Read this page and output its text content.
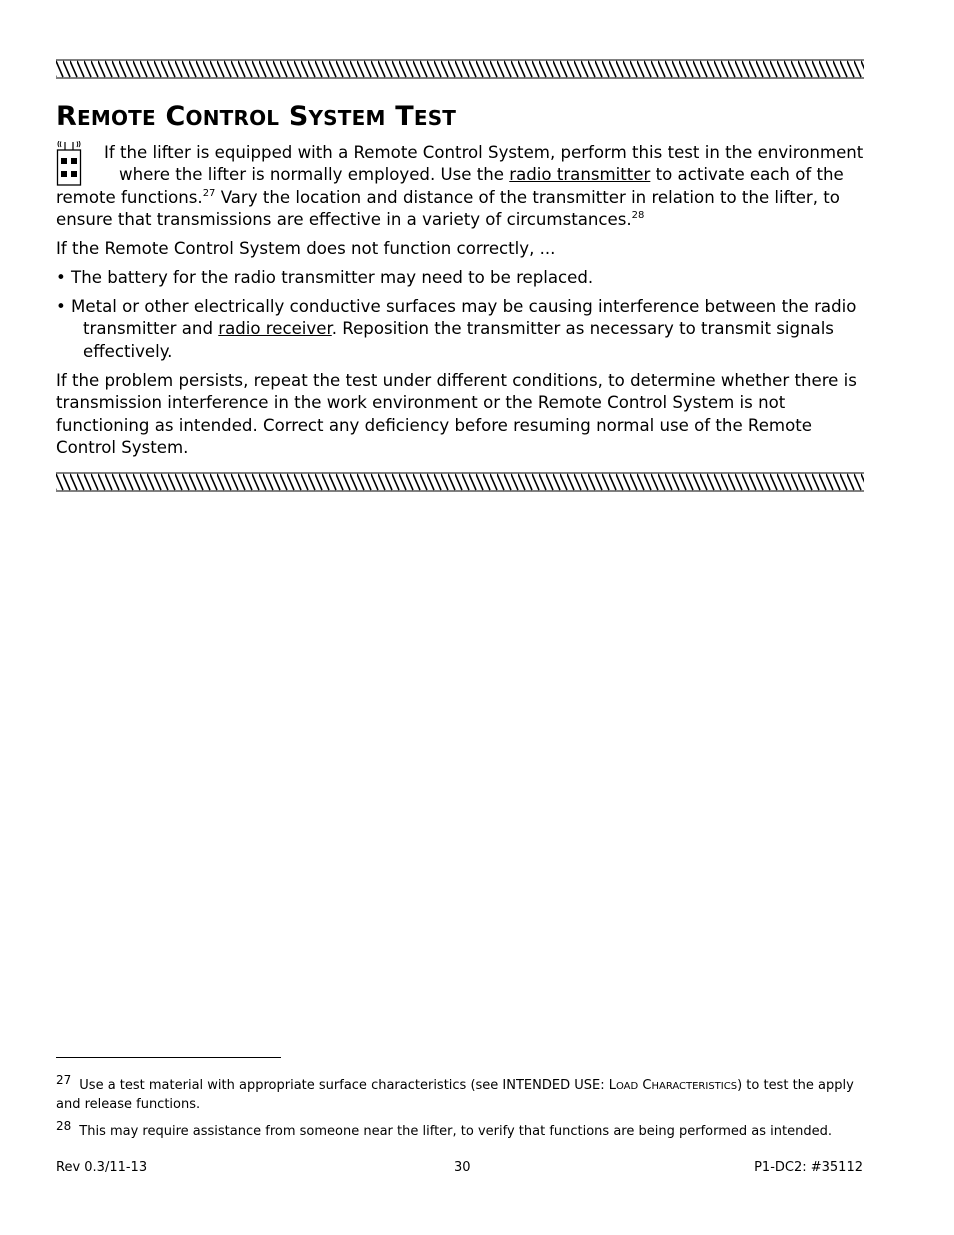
REMOTE CONTROL SYSTEM TEST

If the lifter is equipped with a Remote Control System, perform this test in the environment

where the lifter is normally employed. Use the radio transmitter to activate each of the

remote functions.$^{27}$ Vary the location and distance of the transmitter in relation to the lifter, to

ensure that transmissions are effective in a variety of circumstances.$^{28}$

If the Remote Control System does not function correctly, ...

• The battery for the radio transmitter may need to be replaced.

• Metal or other electrically conductive surfaces may be causing interference between the radio transmitter and radio receiver. Reposition the transmitter as necessary to transmit signals effectively.

If the problem persists, repeat the test under different conditions, to determine whether there is transmission interference in the work environment or the Remote Control System is not functioning as intended. Correct any deficiency before resuming normal use of the Remote Control System.

27 Use a test material with appropriate surface characteristics (see INTENDED USE: LOAD CHARACTERISTICS) to test the apply and release functions.
28 This may require assistance from someone near the lifter, to verify that functions are being performed as intended.
Rev 0.3/11-13	30	P1-DC2: #35112
